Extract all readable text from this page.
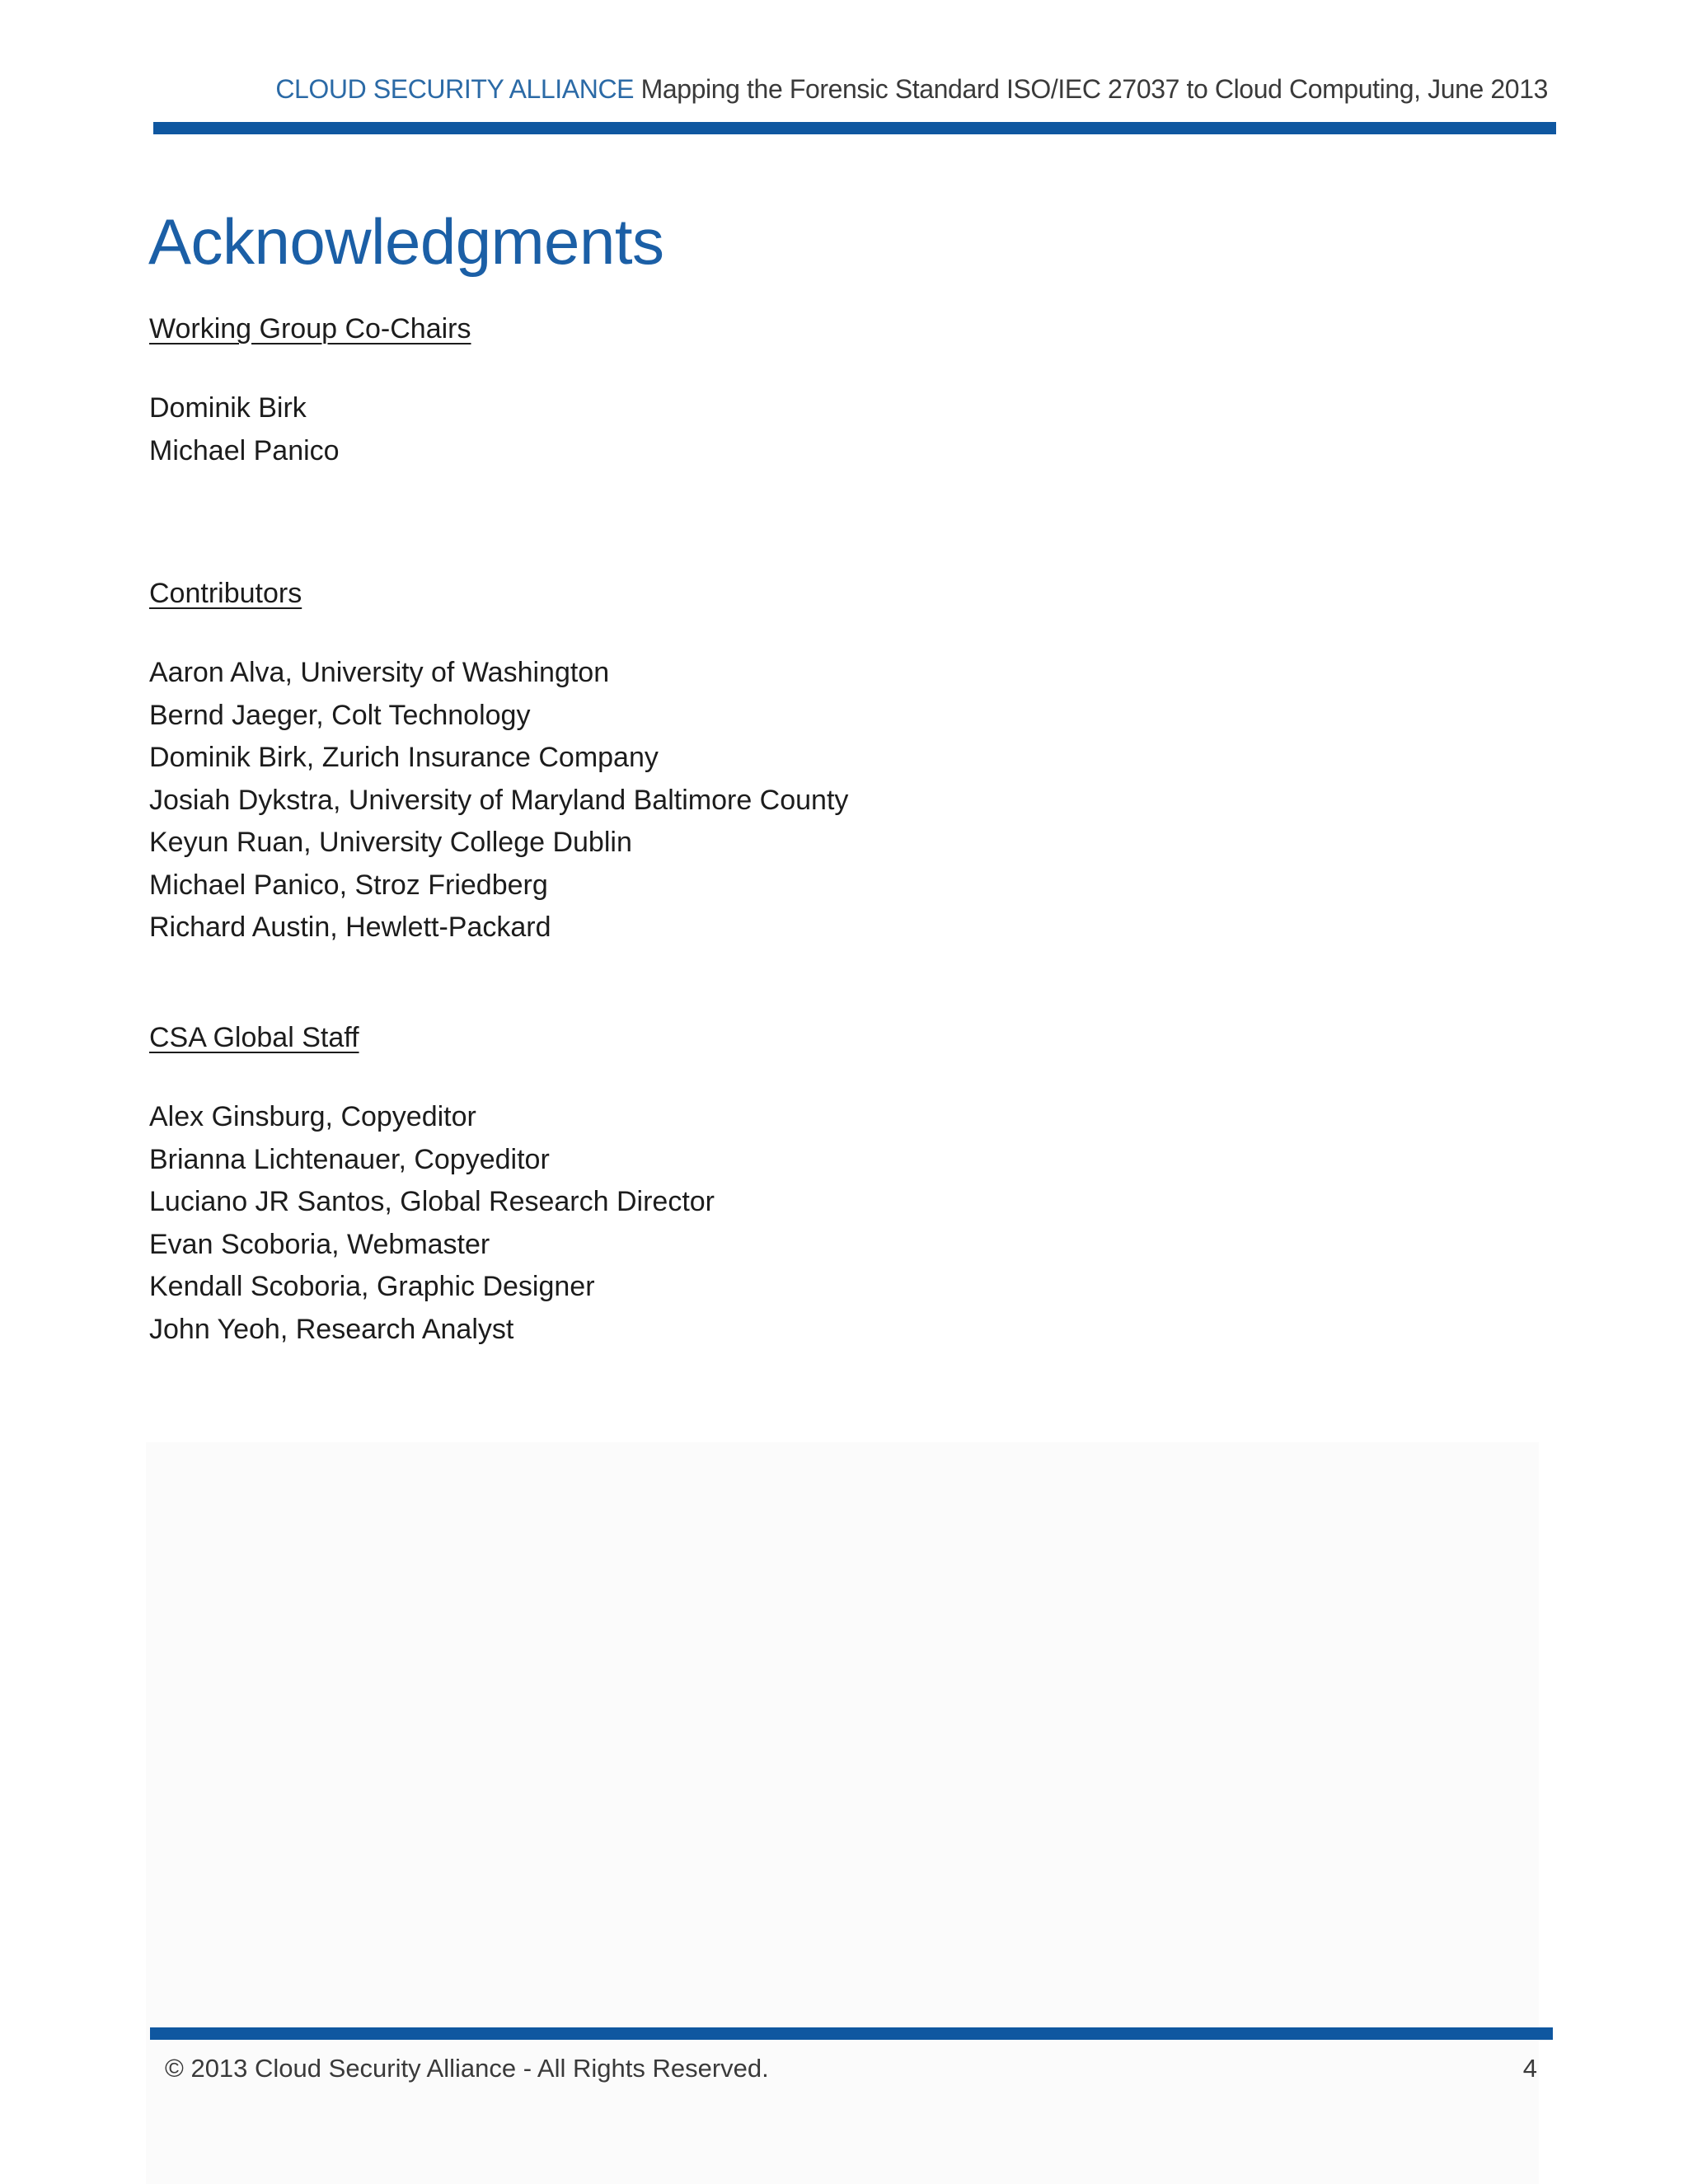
CLOUD SECURITY ALLIANCE Mapping the Forensic Standard ISO/IEC 27037 to Cloud Computing, June 2013
Acknowledgments
Working Group Co-Chairs
Dominik Birk
Michael Panico
Contributors
Aaron Alva, University of Washington
Bernd Jaeger, Colt Technology
Dominik Birk, Zurich Insurance Company
Josiah Dykstra, University of Maryland Baltimore County
Keyun Ruan, University College Dublin
Michael Panico, Stroz Friedberg
Richard Austin, Hewlett-Packard
CSA Global Staff
Alex Ginsburg, Copyeditor
Brianna Lichtenauer, Copyeditor
Luciano JR Santos, Global Research Director
Evan Scoboria, Webmaster
Kendall Scoboria, Graphic Designer
John Yeoh, Research Analyst
© 2013 Cloud Security Alliance - All Rights Reserved.	4
